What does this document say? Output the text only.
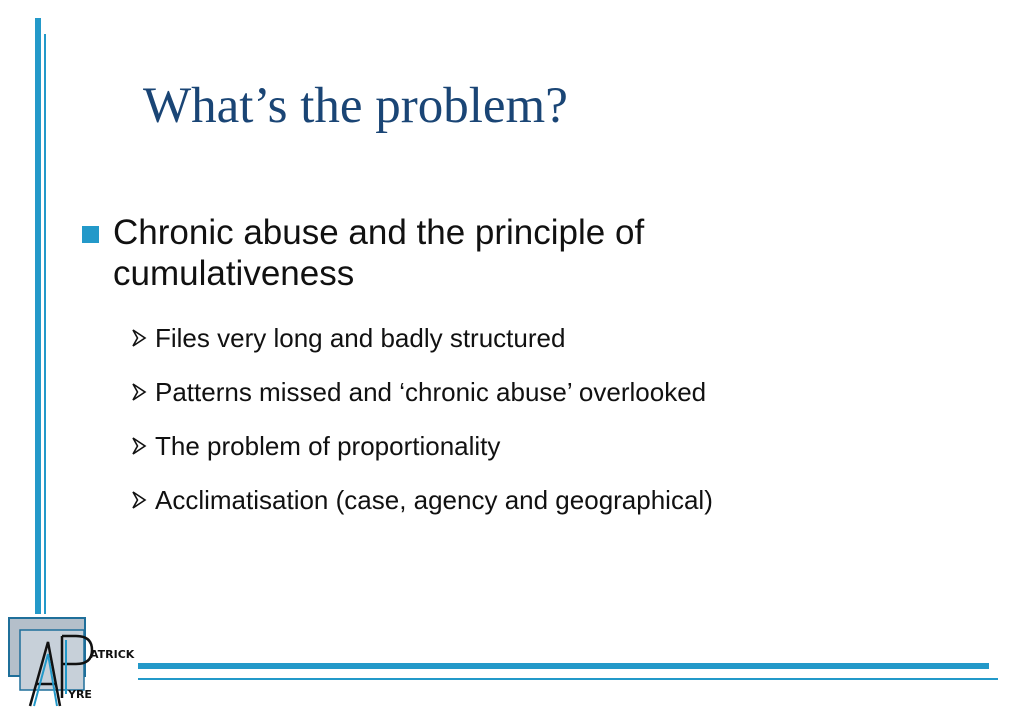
What’s the problem?
Chronic abuse and the principle of cumulativeness
Files very long and badly structured
Patterns missed and ‘chronic abuse’ overlooked
The problem of proportionality
Acclimatisation (case, agency and geographical)
ATRICK
YRE
